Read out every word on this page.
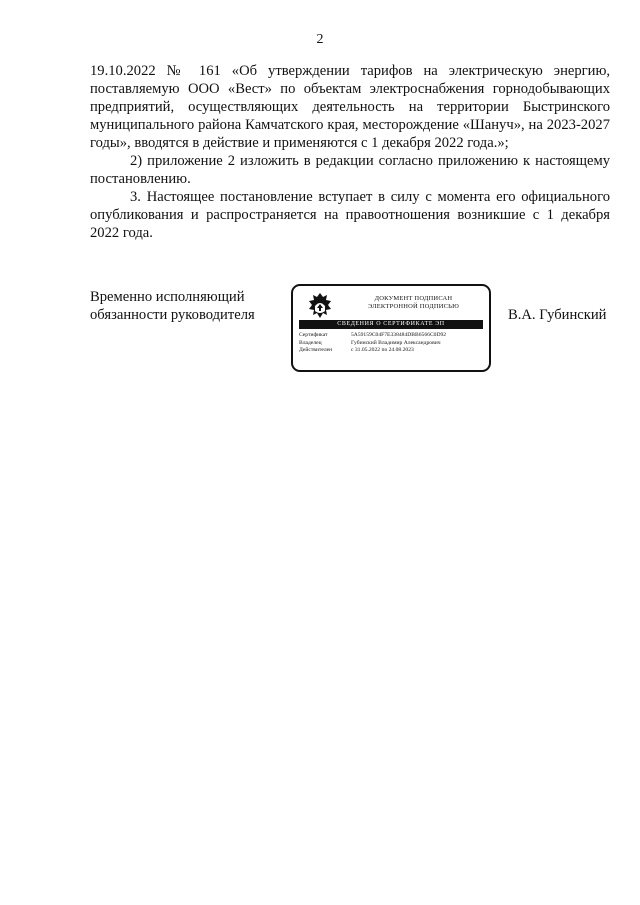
2

19.10.2022 № 161 «Об утверждении тарифов на электрическую энергию, поставляемую ООО «Вест» по объектам электроснабжения горнодобывающих предприятий, осуществляющих деятельность на территории Быстринского муниципального района Камчатского края, месторождение «Шануч», на 2023-2027 годы», вводятся в действие и применяются с 1 декабря 2022 года.»;

2) приложение 2 изложить в редакции согласно приложению к настоящему постановлению.

3. Настоящее постановление вступает в силу с момента его официального опубликования и распространяется на правоотношения возникшие с 1 декабря 2022 года.

Временно исполняющий
обязанности руководителя
ДОКУМЕНТ ПОДПИСАН
ЭЛЕКТРОННОЙ ПОДПИСЬЮ
СВЕДЕНИЯ О СЕРТИФИКАТЕ ЭП
Сертификат	5A59159C04F7E338484DBB6566C0D92
Владелец	Губинский Владимир Александрович
Действителен	с 31.05.2022 по 24.08.2023
В.А. Губинский
